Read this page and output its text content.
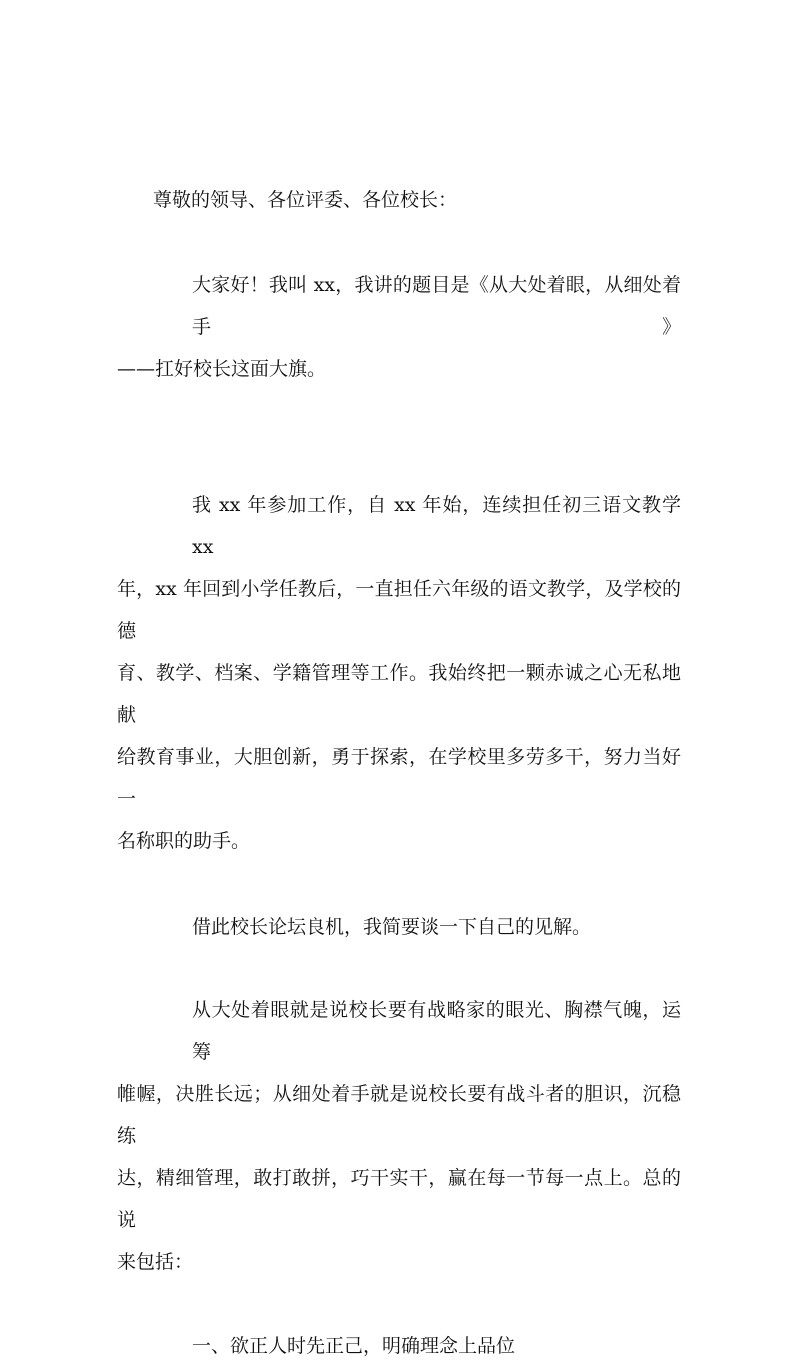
尊敬的领导、各位评委、各位校长：
大家好！我叫 xx，我讲的题目是《从大处着眼，从细处着手》
——扛好校长这面大旗。
我 xx 年参加工作，自 xx 年始，连续担任初三语文教学 xx
年，xx 年回到小学任教后，一直担任六年级的语文教学，及学校的德
育、教学、档案、学籍管理等工作。我始终把一颗赤诚之心无私地献
给教育事业，大胆创新，勇于探索，在学校里多劳多干，努力当好一
名称职的助手。
借此校长论坛良机，我简要谈一下自己的见解。
从大处着眼就是说校长要有战略家的眼光、胸襟气魄，运筹
帷幄，决胜长远；从细处着手就是说校长要有战斗者的胆识，沉稳练
达，精细管理，敢打敢拼，巧干实干，赢在每一节每一点上。总的说
来包括：
一、欲正人时先正己，明确理念上品位
